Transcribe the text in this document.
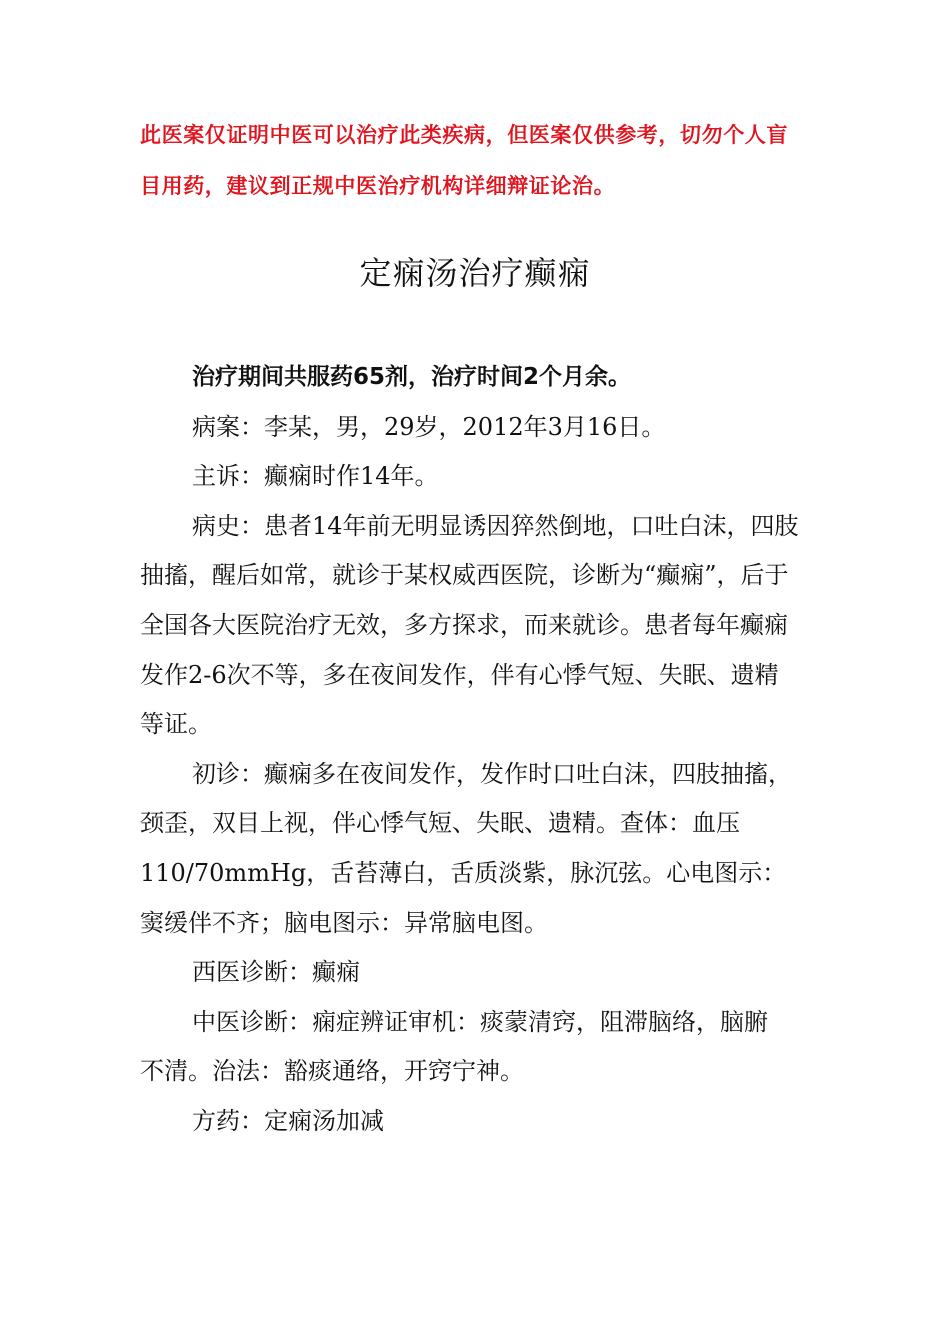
此医案仅证明中医可以治疗此类疾病，但医案仅供参考，切勿个人盲目用药，建议到正规中医治疗机构详细辩证论治。
定痫汤治疗癫痫

治疗期间共服药65剂，治疗时间2个月余。

病案：李某，男，29岁，2012年3月16日。

主诉：癫痫时作14年。

病史：患者14年前无明显诱因猝然倒地，口吐白沫，四肢抽搐，醒后如常，就诊于某权威西医院，诊断为“癫痫”，后于全国各大医院治疗无效，多方探求，而来就诊。患者每年癫痫发作2-6次不等，多在夜间发作，伴有心悸气短、失眠、遗精等证。

初诊：癫痫多在夜间发作，发作时口吐白沫，四肢抽搐，颈歪，双目上视，伴心悸气短、失眠、遗精。查体：血压110/70mmHg，舌苔薄白，舌质淡紫，脉沉弦。心电图示：窦缓伴不齐；脑电图示：异常脑电图。

西医诊断：癫痫

中医诊断：痫症辨证审机：痰蒙清窍，阻滞脑络，脑腑不清。治法：豁痰通络，开窍宁神。

方药：定痫汤加减
